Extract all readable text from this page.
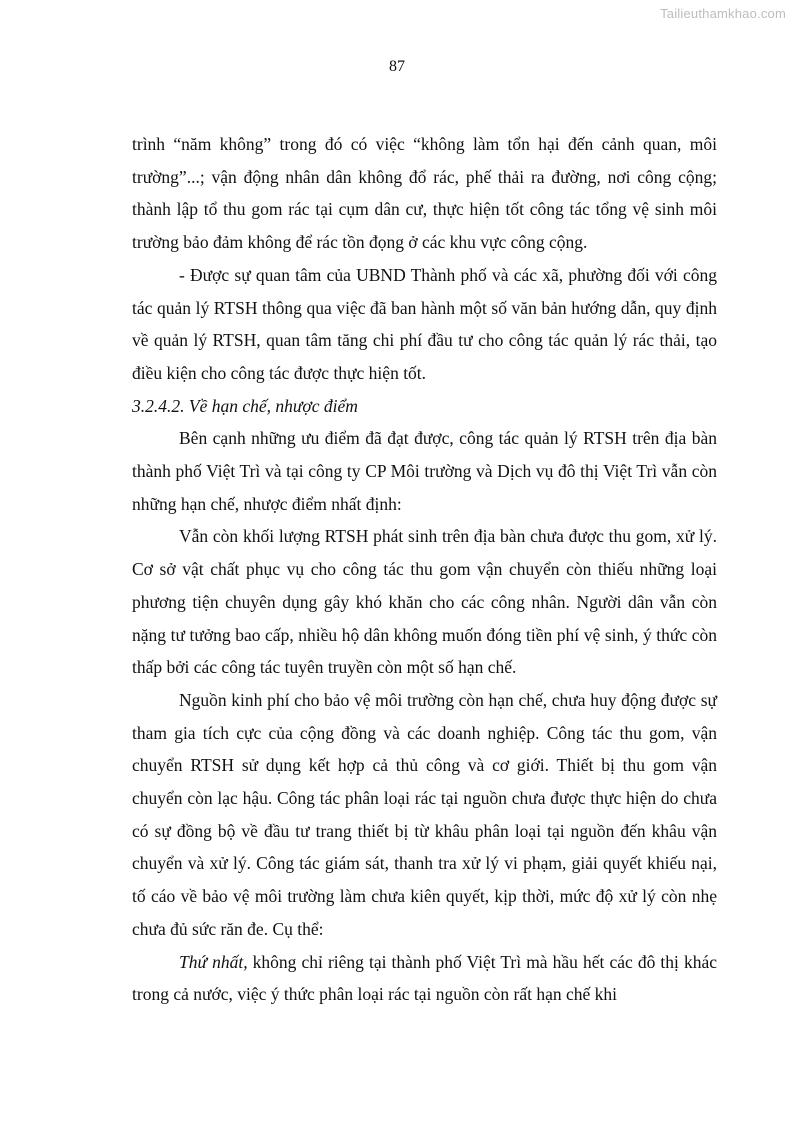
Tailieuthamkhao.com
87

trình “năm không” trong đó có việc “không làm tổn hại đến cảnh quan, môi trường”...; vận động nhân dân không đổ rác, phế thải ra đường, nơi công cộng; thành lập tổ thu gom rác tại cụm dân cư, thực hiện tốt công tác tổng vệ sinh môi trường bảo đảm không để rác tồn đọng ở các khu vực công cộng.

- Được sự quan tâm của UBND Thành phố và các xã, phường đối với công tác quản lý RTSH thông qua việc đã ban hành một số văn bản hướng dẫn, quy định về quản lý RTSH, quan tâm tăng chi phí đầu tư cho công tác quản lý rác thải, tạo điều kiện cho công tác được thực hiện tốt.

3.2.4.2. Về hạn chế, nhược điểm

Bên cạnh những ưu điểm đã đạt được, công tác quản lý RTSH trên địa bàn thành phố Việt Trì và tại công ty CP Môi trường và Dịch vụ đô thị Việt Trì vẫn còn những hạn chế, nhược điểm nhất định:

Vẫn còn khối lượng RTSH phát sinh trên địa bàn chưa được thu gom, xử lý. Cơ sở vật chất phục vụ cho công tác thu gom vận chuyển còn thiếu những loại phương tiện chuyên dụng gây khó khăn cho các công nhân. Người dân vẫn còn nặng tư tưởng bao cấp, nhiều hộ dân không muốn đóng tiền phí vệ sinh, ý thức còn thấp bởi các công tác tuyên truyền còn một số hạn chế.

Nguồn kinh phí cho bảo vệ môi trường còn hạn chế, chưa huy động được sự tham gia tích cực của cộng đồng và các doanh nghiệp. Công tác thu gom, vận chuyển RTSH sử dụng kết hợp cả thủ công và cơ giới. Thiết bị thu gom vận chuyển còn lạc hậu. Công tác phân loại rác tại nguồn chưa được thực hiện do chưa có sự đồng bộ về đầu tư trang thiết bị từ khâu phân loại tại nguồn đến khâu vận chuyển và xử lý. Công tác giám sát, thanh tra xử lý vi phạm, giải quyết khiếu nại, tố cáo về bảo vệ môi trường làm chưa kiên quyết, kịp thời, mức độ xử lý còn nhẹ chưa đủ sức răn đe. Cụ thể:

Thứ nhất, không chỉ riêng tại thành phố Việt Trì mà hầu hết các đô thị khác trong cả nước, việc ý thức phân loại rác tại nguồn còn rất hạn chế khi
